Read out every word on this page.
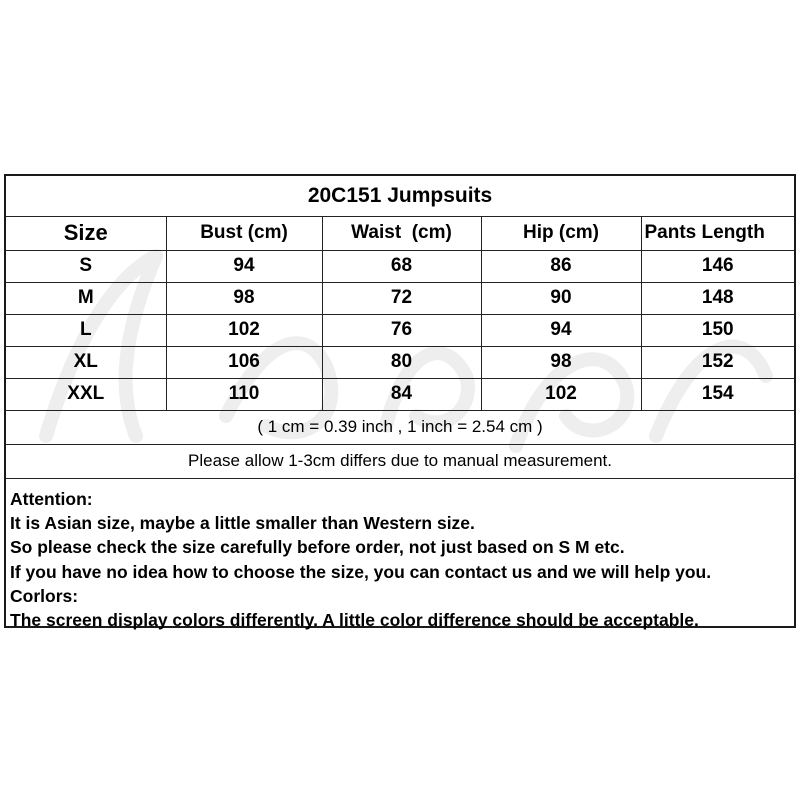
20C151 Jumpsuits				
Size	Bust (cm)	Waist  (cm)	Hip (cm)	Pants Length
S	94	68	86	146
M	98	72	90	148
L	102	76	94	150
XL	106	80	98	152
XXL	110	84	102	154
( 1 cm = 0.39 inch , 1 inch = 2.54 cm )				
Please allow 1-3cm differs due to manual measurement.				
Attention:
It is Asian size, maybe a little smaller than Western size.
So please check the size carefully before order, not just based on S M etc.
If you have no idea how to choose the size, you can contact us and we will help you.
Corlors:
The screen display colors differently. A little color difference should be acceptable.
